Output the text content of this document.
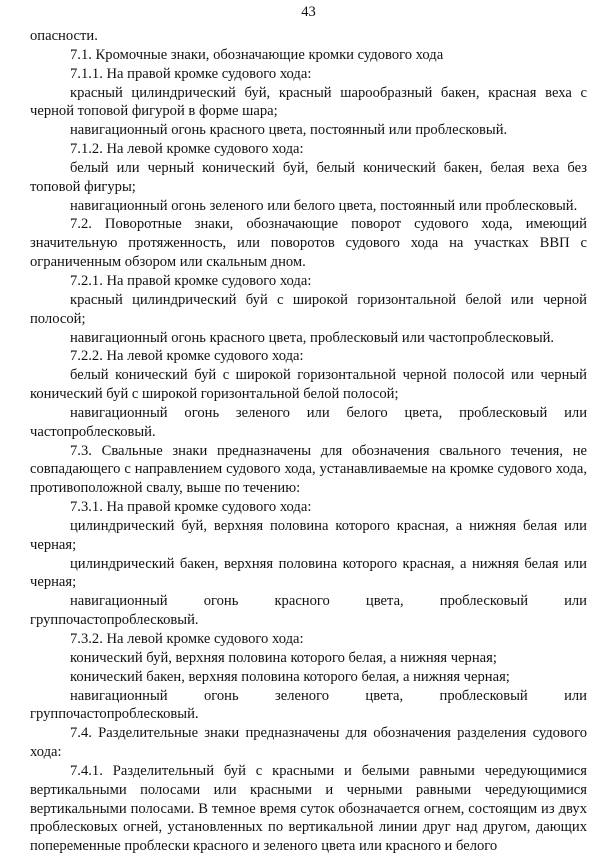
43

опасности.

7.1. Кромочные знаки, обозначающие кромки судового хода

7.1.1. На правой кромке судового хода:

красный цилиндрический буй, красный шарообразный бакен, красная веха с черной топовой фигурой в форме шара;

навигационный огонь красного цвета, постоянный или проблесковый.

7.1.2. На левой кромке судового хода:

белый или черный конический буй, белый конический бакен, белая веха без топовой фигуры;

навигационный огонь зеленого или белого цвета, постоянный или проблесковый.

7.2. Поворотные знаки, обозначающие поворот судового хода, имеющий значительную протяженность, или поворотов судового хода на участках ВВП с ограниченным обзором или скальным дном.

7.2.1. На правой кромке судового хода:

красный цилиндрический буй с широкой горизонтальной белой или черной полосой;

навигационный огонь красного цвета, проблесковый или частопроблесковый.

7.2.2. На левой кромке судового хода:

белый конический буй с широкой горизонтальной черной полосой или черный конический буй с широкой горизонтальной белой полосой;

навигационный огонь зеленого или белого цвета, проблесковый или частопроблесковый.

7.3. Свальные знаки предназначены для обозначения свального течения, не совпадающего с направлением судового хода, устанавливаемые на кромке судового хода, противоположной свалу, выше по течению:

7.3.1. На правой кромке судового хода:

цилиндрический буй, верхняя половина которого красная, а нижняя белая или черная;

цилиндрический бакен, верхняя половина которого красная, а нижняя белая или черная;

навигационный огонь красного цвета, проблесковый или группочастопроблесковый.

7.3.2. На левой кромке судового хода:

конический буй, верхняя половина которого белая, а нижняя черная;

конический бакен, верхняя половина которого белая, а нижняя черная;

навигационный огонь зеленого цвета, проблесковый или группочастопроблесковый.

7.4. Разделительные знаки предназначены для обозначения разделения судового хода:

7.4.1. Разделительный буй с красными и белыми равными чередующимися вертикальными полосами или красными и черными равными чередующимися вертикальными полосами. В темное время суток обозначается огнем, состоящим из двух проблесковых огней, установленных по вертикальной линии друг над другом, дающих попеременные проблески красного и зеленого цвета или красного и белого
